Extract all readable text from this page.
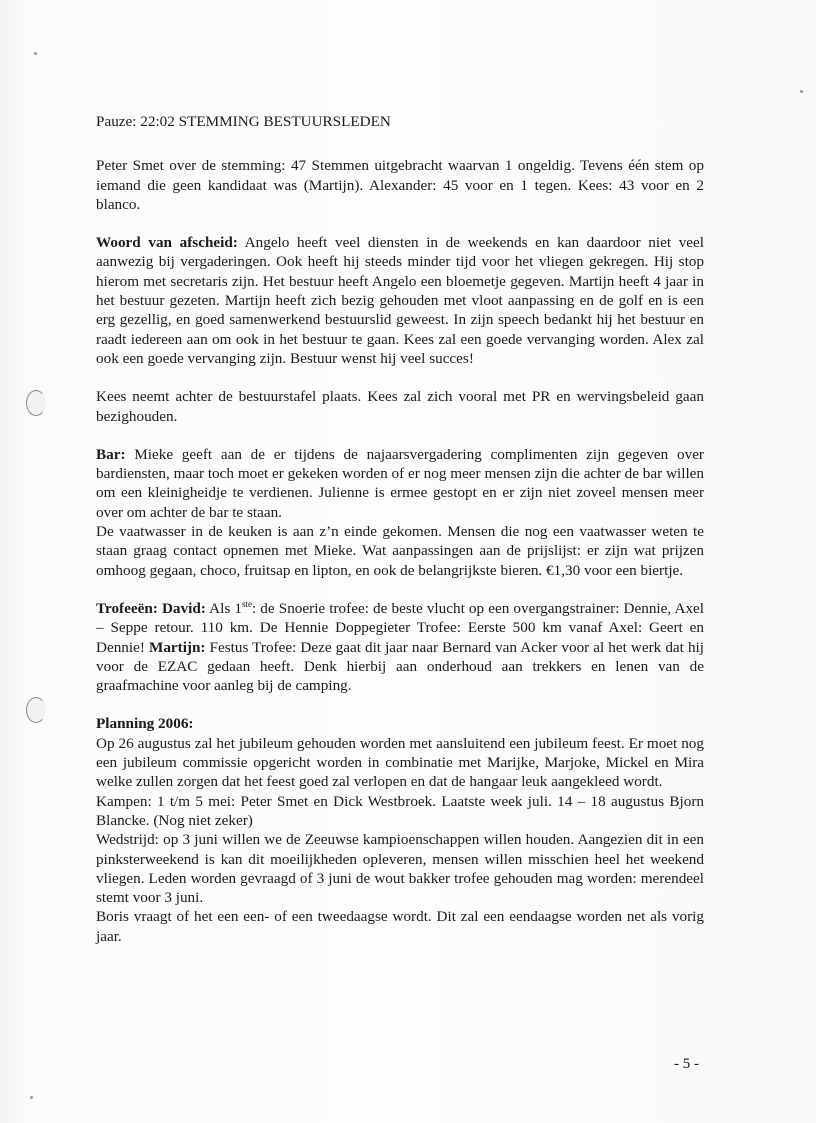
Pauze: 22:02 STEMMING BESTUURSLEDEN

Peter Smet over de stemming: 47 Stemmen uitgebracht waarvan 1 ongeldig. Tevens één stem op iemand die geen kandidaat was (Martijn). Alexander: 45 voor en 1 tegen. Kees: 43 voor en 2 blanco.

Woord van afscheid: Angelo heeft veel diensten in de weekends en kan daardoor niet veel aanwezig bij vergaderingen. Ook heeft hij steeds minder tijd voor het vliegen gekregen. Hij stop hierom met secretaris zijn. Het bestuur heeft Angelo een bloemetje gegeven. Martijn heeft 4 jaar in het bestuur gezeten. Martijn heeft zich bezig gehouden met vloot aanpassing en de golf en is een erg gezellig, en goed samenwerkend bestuurslid geweest. In zijn speech bedankt hij het bestuur en raadt iedereen aan om ook in het bestuur te gaan. Kees zal een goede vervanging worden. Alex zal ook een goede vervanging zijn. Bestuur wenst hij veel succes!

Kees neemt achter de bestuurstafel plaats. Kees zal zich vooral met PR en wervingsbeleid gaan bezighouden.

Bar: Mieke geeft aan de er tijdens de najaarsvergadering complimenten zijn gegeven over bardiensten, maar toch moet er gekeken worden of er nog meer mensen zijn die achter de bar willen om een kleinigheidje te verdienen. Julienne is ermee gestopt en er zijn niet zoveel mensen meer over om achter de bar te staan.

De vaatwasser in de keuken is aan z’n einde gekomen. Mensen die nog een vaatwasser weten te staan graag contact opnemen met Mieke. Wat aanpassingen aan de prijslijst: er zijn wat prijzen omhoog gegaan, choco, fruitsap en lipton, en ook de belangrijkste bieren. €1,30 voor een biertje.

Trofeeën: David: Als 1ste: de Snoerie trofee: de beste vlucht op een overgangstrainer: Dennie, Axel – Seppe retour. 110 km. De Hennie Doppegieter Trofee: Eerste 500 km vanaf Axel: Geert en Dennie! Martijn: Festus Trofee: Deze gaat dit jaar naar Bernard van Acker voor al het werk dat hij voor de EZAC gedaan heeft. Denk hierbij aan onderhoud aan trekkers en lenen van de graafmachine voor aanleg bij de camping.

Planning 2006:

Op 26 augustus zal het jubileum gehouden worden met aansluitend een jubileum feest. Er moet nog een jubileum commissie opgericht worden in combinatie met Marijke, Marjoke, Mickel en Mira welke zullen zorgen dat het feest goed zal verlopen en dat de hangaar leuk aangekleed wordt.

Kampen: 1 t/m 5 mei: Peter Smet en Dick Westbroek. Laatste week juli. 14 – 18 augustus Bjorn Blancke. (Nog niet zeker)

Wedstrijd: op 3 juni willen we de Zeeuwse kampioenschappen willen houden. Aangezien dit in een pinksterweekend is kan dit moeilijkheden opleveren, mensen willen misschien heel het weekend vliegen. Leden worden gevraagd of 3 juni de wout bakker trofee gehouden mag worden: merendeel stemt voor 3 juni.

Boris vraagt of het een een- of een tweedaagse wordt. Dit zal een eendaagse worden net als vorig jaar.

- 5 -
